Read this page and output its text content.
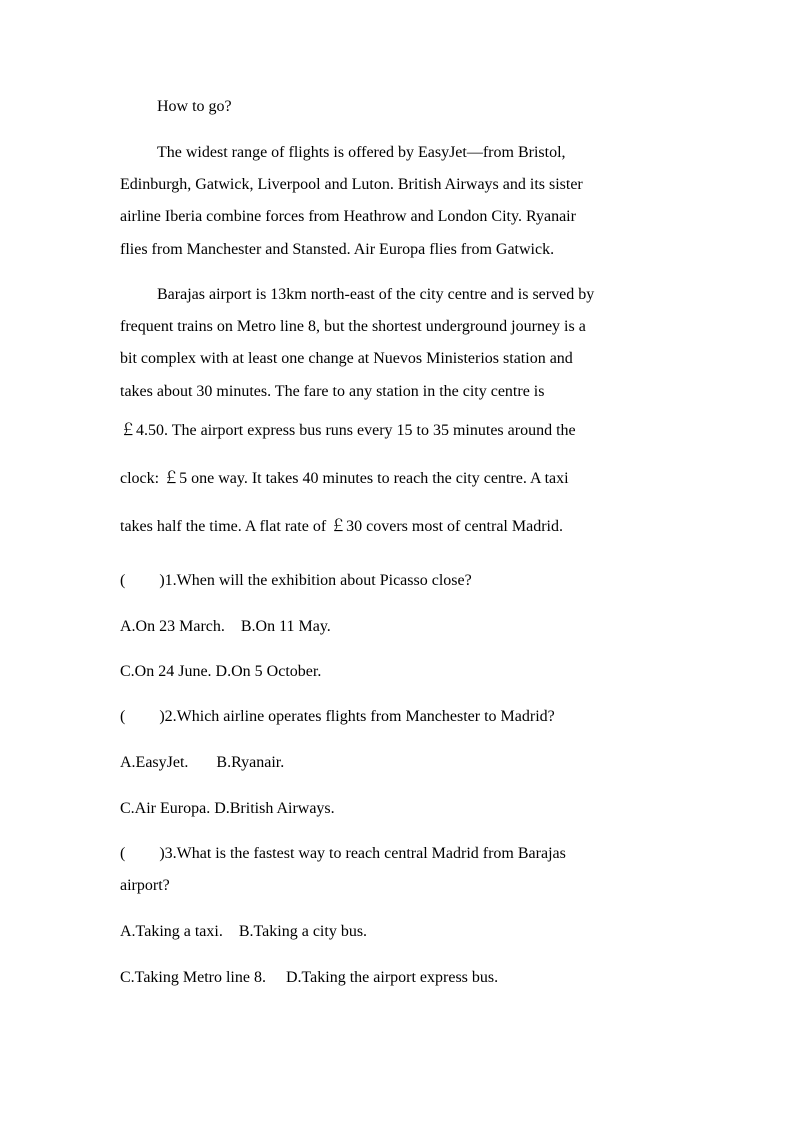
How to go?
The widest range of flights is offered by EasyJet—from Bristol,
Edinburgh, Gatwick, Liverpool and Luton. British Airways and its sister
airline Iberia combine forces from Heathrow and London City. Ryanair
flies from Manchester and Stansted. Air Europa flies from Gatwick.
Barajas airport is 13km north-east of the city centre and is served by
frequent trains on Metro line 8, but the shortest underground journey is a
bit complex with at least one change at Nuevos Ministerios station and
takes about 30 minutes. The fare to any station in the city centre is
￡4.50. The airport express bus runs every 15 to 35 minutes around the
clock: ￡5 one way. It takes 40 minutes to reach the city centre. A taxi
takes half the time. A flat rate of ￡30 covers most of central Madrid.
( )1.When will the exhibition about Picasso close?
A.On 23 March.    B.On 11 May.
C.On 24 June. D.On 5 October.
( )2.Which airline operates flights from Manchester to Madrid?
A.EasyJet.       B.Ryanair.
C.Air Europa. D.British Airways.
( )3.What is the fastest way to reach central Madrid from Barajas
airport?
A.Taking a taxi.    B.Taking a city bus.
C.Taking Metro line 8.     D.Taking the airport express bus.
